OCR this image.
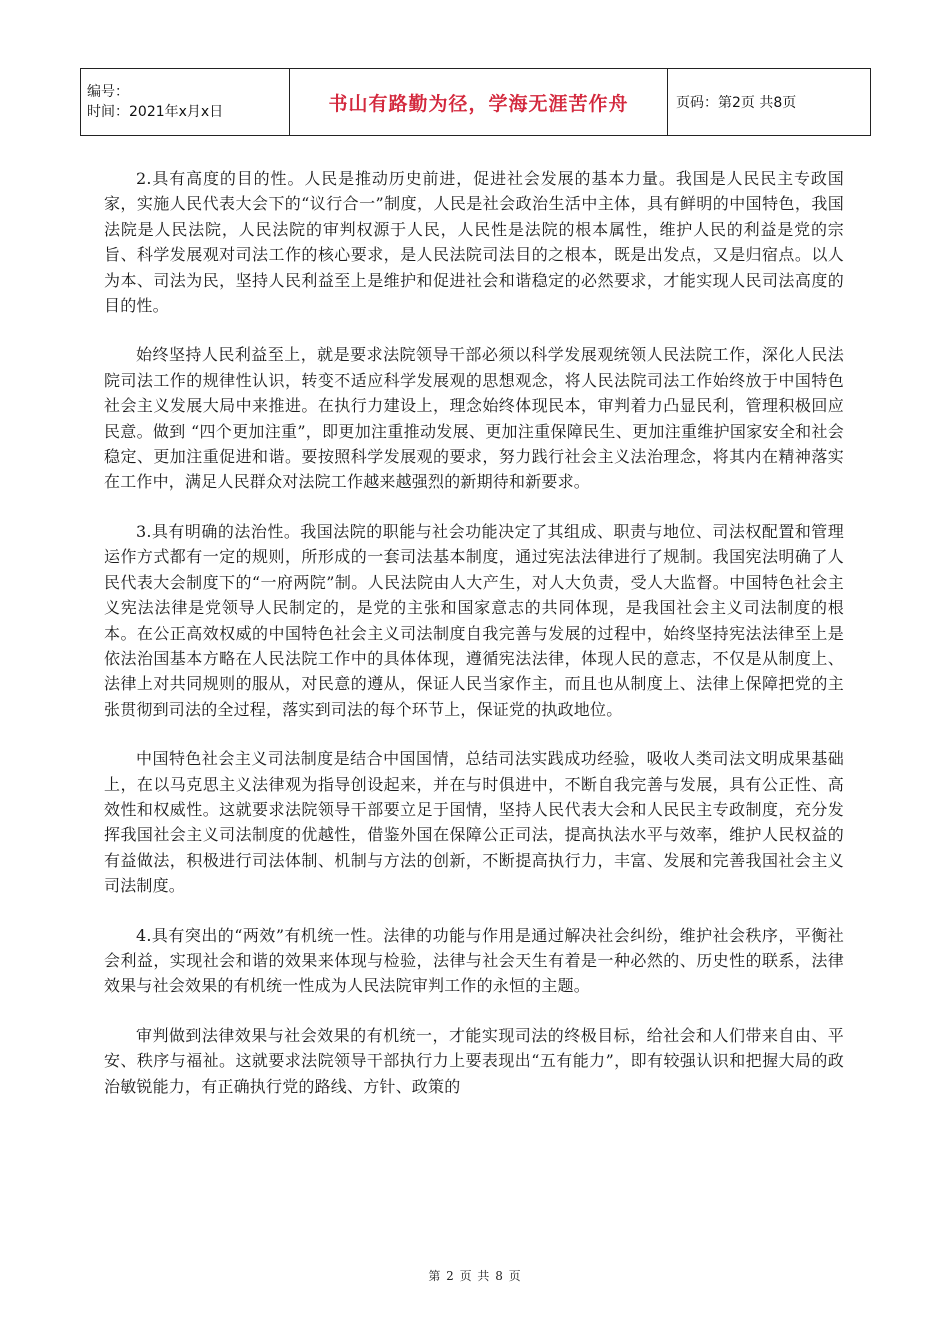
编号：
时间：2021年x月x日	书山有路勤为径，学海无涯苦作舟	页码：第2页 共8页

2.具有高度的目的性。人民是推动历史前进，促进社会发展的基本力量。我国是人民民主专政国家，实施人民代表大会下的“议行合一”制度，人民是社会政治生活中主体，具有鲜明的中国特色，我国法院是人民法院，人民法院的审判权源于人民，人民性是法院的根本属性，维护人民的利益是党的宗旨、科学发展观对司法工作的核心要求，是人民法院司法目的之根本，既是出发点，又是归宿点。以人为本、司法为民，坚持人民利益至上是维护和促进社会和谐稳定的必然要求，才能实现人民司法高度的目的性。

始终坚持人民利益至上，就是要求法院领导干部必须以科学发展观统领人民法院工作，深化人民法院司法工作的规律性认识，转变不适应科学发展观的思想观念，将人民法院司法工作始终放于中国特色社会主义发展大局中来推进。在执行力建设上，理念始终体现民本，审判着力凸显民利，管理积极回应民意。做到 “四个更加注重”，即更加注重推动发展、更加注重保障民生、更加注重维护国家安全和社会稳定、更加注重促进和谐。要按照科学发展观的要求，努力践行社会主义法治理念，将其内在精神落实在工作中，满足人民群众对法院工作越来越强烈的新期待和新要求。

3.具有明确的法治性。我国法院的职能与社会功能决定了其组成、职责与地位、司法权配置和管理运作方式都有一定的规则，所形成的一套司法基本制度，通过宪法法律进行了规制。我国宪法明确了人民代表大会制度下的“一府两院”制。人民法院由人大产生，对人大负责，受人大监督。中国特色社会主义宪法法律是党领导人民制定的，是党的主张和国家意志的共同体现，是我国社会主义司法制度的根本。在公正高效权威的中国特色社会主义司法制度自我完善与发展的过程中，始终坚持宪法法律至上是依法治国基本方略在人民法院工作中的具体体现，遵循宪法法律，体现人民的意志，不仅是从制度上、法律上对共同规则的服从，对民意的遵从，保证人民当家作主，而且也从制度上、法律上保障把党的主张贯彻到司法的全过程，落实到司法的每个环节上，保证党的执政地位。

中国特色社会主义司法制度是结合中国国情，总结司法实践成功经验，吸收人类司法文明成果基础上，在以马克思主义法律观为指导创设起来，并在与时俱进中，不断自我完善与发展，具有公正性、高效性和权威性。这就要求法院领导干部要立足于国情，坚持人民代表大会和人民民主专政制度，充分发挥我国社会主义司法制度的优越性，借鉴外国在保障公正司法，提高执法水平与效率，维护人民权益的有益做法，积极进行司法体制、机制与方法的创新，不断提高执行力，丰富、发展和完善我国社会主义司法制度。

4.具有突出的“两效”有机统一性。法律的功能与作用是通过解决社会纠纷，维护社会秩序，平衡社会利益，实现社会和谐的效果来体现与检验，法律与社会天生有着是一种必然的、历史性的联系，法律效果与社会效果的有机统一性成为人民法院审判工作的永恒的主题。

审判做到法律效果与社会效果的有机统一，才能实现司法的终极目标，给社会和人们带来自由、平安、秩序与福祉。这就要求法院领导干部执行力上要表现出“五有能力”，即有较强认识和把握大局的政治敏锐能力，有正确执行党的路线、方针、政策的

第 2 页 共 8 页
